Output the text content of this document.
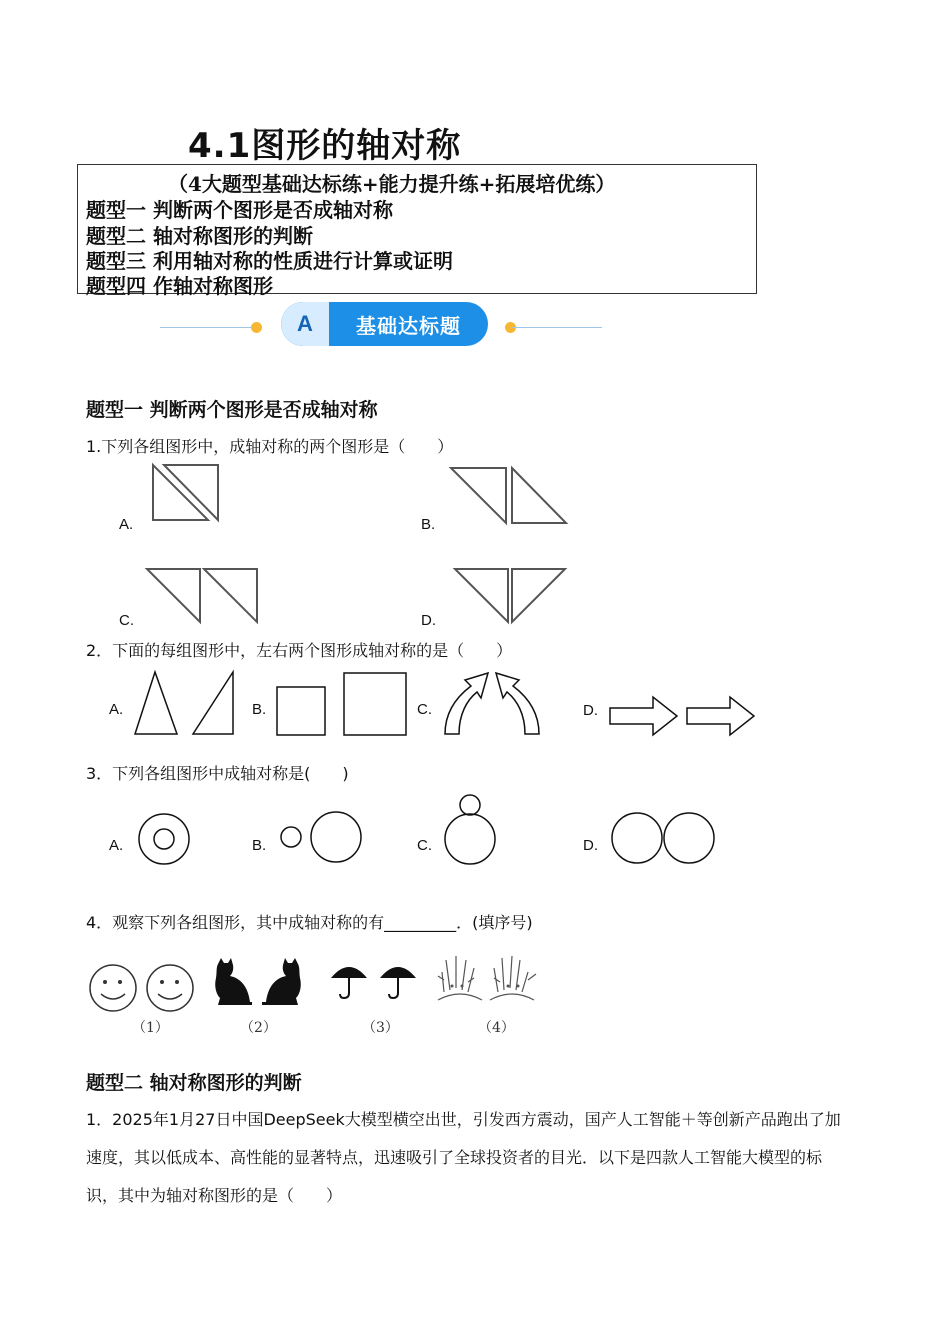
4.1图形的轴对称
（4大题型基础达标练+能力提升练+拓展培优练）
题型一 判断两个图形是否成轴对称
题型二 轴对称图形的判断
题型三 利用轴对称的性质进行计算或证明
题型四 作轴对称图形
A	基础达标题
题型一 判断两个图形是否成轴对称
1.下列各组图形中，成轴对称的两个图形是（　　）
A.	B.
C.	D.
2．下面的每组图形中，左右两个图形成轴对称的是（　　）
A.	B.	C.	D.
3．下列各组图形中成轴对称是(　　)
A.	B.	C.	D.
4．观察下列各组图形，其中成轴对称的有_________．(填序号)
（1）	（2）	（3）	（4）
题型二 轴对称图形的判断
1．2025年1月27日中国DeepSeek大模型横空出世，引发西方震动，国产人工智能＋等创新产品跑出了加
速度，其以低成本、高性能的显著特点，迅速吸引了全球投资者的目光．以下是四款人工智能大模型的标
识，其中为轴对称图形的是（　　）
